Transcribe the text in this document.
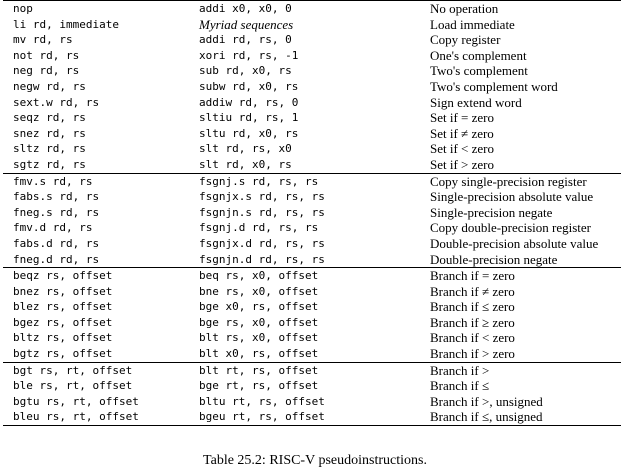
nop	addi x0, x0, 0	No operation
li rd, immediate	Myriad sequences	Load immediate
mv rd, rs	addi rd, rs, 0	Copy register
not rd, rs	xori rd, rs, -1	One's complement
neg rd, rs	sub rd, x0, rs	Two's complement
negw rd, rs	subw rd, x0, rs	Two's complement word
sext.w rd, rs	addiw rd, rs, 0	Sign extend word
seqz rd, rs	sltiu rd, rs, 1	Set if = zero
snez rd, rs	sltu rd, x0, rs	Set if ≠ zero
sltz rd, rs	slt rd, rs, x0	Set if < zero
sgtz rd, rs	slt rd, x0, rs	Set if > zero
fmv.s rd, rs	fsgnj.s rd, rs, rs	Copy single-precision register
fabs.s rd, rs	fsgnjx.s rd, rs, rs	Single-precision absolute value
fneg.s rd, rs	fsgnjn.s rd, rs, rs	Single-precision negate
fmv.d rd, rs	fsgnj.d rd, rs, rs	Copy double-precision register
fabs.d rd, rs	fsgnjx.d rd, rs, rs	Double-precision absolute value
fneg.d rd, rs	fsgnjn.d rd, rs, rs	Double-precision negate
beqz rs, offset	beq rs, x0, offset	Branch if = zero
bnez rs, offset	bne rs, x0, offset	Branch if ≠ zero
blez rs, offset	bge x0, rs, offset	Branch if ≤ zero
bgez rs, offset	bge rs, x0, offset	Branch if ≥ zero
bltz rs, offset	blt rs, x0, offset	Branch if < zero
bgtz rs, offset	blt x0, rs, offset	Branch if > zero
bgt rs, rt, offset	blt rt, rs, offset	Branch if >
ble rs, rt, offset	bge rt, rs, offset	Branch if ≤
bgtu rs, rt, offset	bltu rt, rs, offset	Branch if >, unsigned
bleu rs, rt, offset	bgeu rt, rs, offset	Branch if ≤, unsigned
Table 25.2: RISC-V pseudoinstructions.
